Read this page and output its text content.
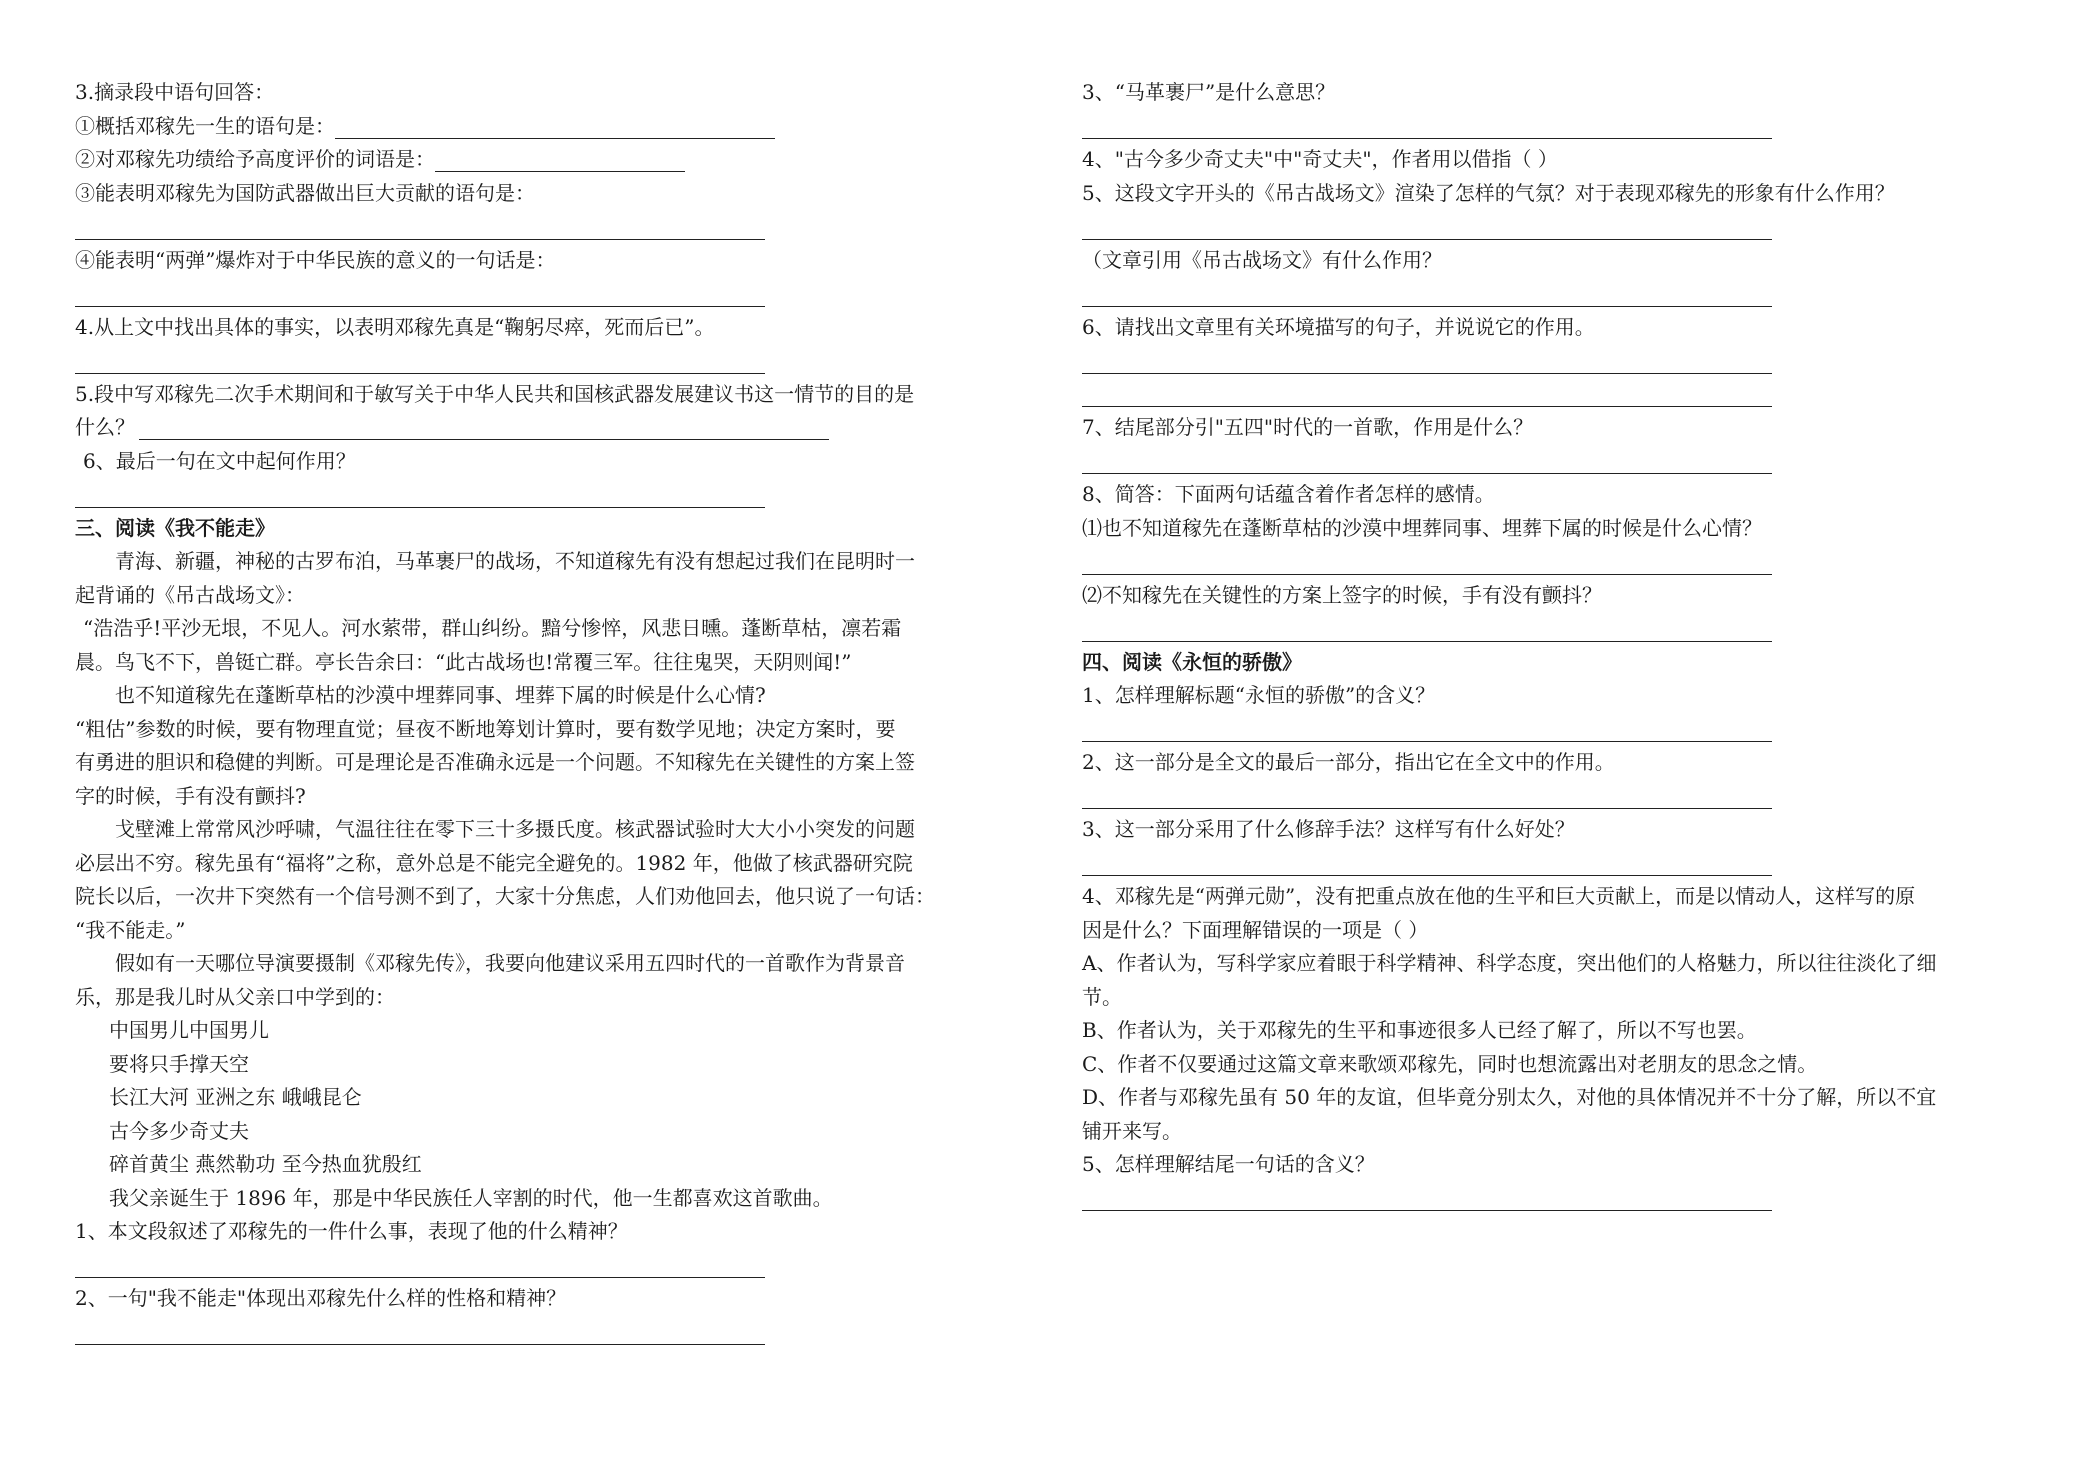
3.摘录段中语句回答：
①概括邓稼先一生的语句是：
②对邓稼先功绩给予高度评价的词语是：
③能表明邓稼先为国防武器做出巨大贡献的语句是：
④能表明“两弹”爆炸对于中华民族的意义的一句话是：
4.从上文中找出具体的事实，以表明邓稼先真是“鞠躬尽瘁，死而后已”。
5.段中写邓稼先二次手术期间和于敏写关于中华人民共和国核武器发展建议书这一情节的目的是
什么？
6、最后一句在文中起何作用？
三、阅读《我不能走》
青海、新疆，神秘的古罗布泊，马革裹尸的战场，不知道稼先有没有想起过我们在昆明时一
起背诵的《吊古战场文》：
“浩浩乎!平沙无垠，不见人。河水萦带，群山纠纷。黯兮惨悴，风悲日曛。蓬断草枯，凛若霜
晨。鸟飞不下，兽铤亡群。亭长告余曰：“此古战场也!常覆三军。往往鬼哭，天阴则闻!”
也不知道稼先在蓬断草枯的沙漠中埋葬同事、埋葬下属的时候是什么心情?
“粗估”参数的时候，要有物理直觉；昼夜不断地筹划计算时，要有数学见地；决定方案时，要
有勇进的胆识和稳健的判断。可是理论是否准确永远是一个问题。不知稼先在关键性的方案上签
字的时候，手有没有颤抖?
戈壁滩上常常风沙呼啸，气温往往在零下三十多摄氏度。核武器试验时大大小小突发的问题
必层出不穷。稼先虽有“福将”之称，意外总是不能完全避免的。1982 年，他做了核武器研究院
院长以后，一次井下突然有一个信号测不到了，大家十分焦虑，人们劝他回去，他只说了一句话：
“我不能走。”
假如有一天哪位导演要摄制《邓稼先传》，我要向他建议采用五四时代的一首歌作为背景音
乐，那是我儿时从父亲口中学到的：
中国男儿中国男儿
要将只手撑天空
长江大河 亚洲之东 峨峨昆仑
古今多少奇丈夫
碎首黄尘 燕然勒功 至今热血犹殷红
我父亲诞生于 1896 年，那是中华民族任人宰割的时代，他一生都喜欢这首歌曲。
1、本文段叙述了邓稼先的一件什么事，表现了他的什么精神？
2、一句"我不能走"体现出邓稼先什么样的性格和精神？
3、“马革裹尸”是什么意思？
4、"古今多少奇丈夫"中"奇丈夫"，作者用以借指（ ）
5、这段文字开头的《吊古战场文》渲染了怎样的气氛？对于表现邓稼先的形象有什么作用？
（文章引用《吊古战场文》有什么作用？
6、请找出文章里有关环境描写的句子，并说说它的作用。
7、结尾部分引"五四"时代的一首歌，作用是什么？
8、简答：下面两句话蕴含着作者怎样的感情。
⑴也不知道稼先在蓬断草枯的沙漠中埋葬同事、埋葬下属的时候是什么心情？
⑵不知稼先在关键性的方案上签字的时候，手有没有颤抖？
四、阅读《永恒的骄傲》
1、怎样理解标题“永恒的骄傲”的含义？
2、这一部分是全文的最后一部分，指出它在全文中的作用。
3、这一部分采用了什么修辞手法？这样写有什么好处？
4、邓稼先是“两弹元勋”，没有把重点放在他的生平和巨大贡献上，而是以情动人，这样写的原
因是什么？下面理解错误的一项是（ ）
A、作者认为，写科学家应着眼于科学精神、科学态度，突出他们的人格魅力，所以往往淡化了细
节。
B、作者认为，关于邓稼先的生平和事迹很多人已经了解了，所以不写也罢。
C、作者不仅要通过这篇文章来歌颂邓稼先，同时也想流露出对老朋友的思念之情。
D、作者与邓稼先虽有 50 年的友谊，但毕竟分别太久，对他的具体情况并不十分了解，所以不宜
铺开来写。
5、怎样理解结尾一句话的含义？
